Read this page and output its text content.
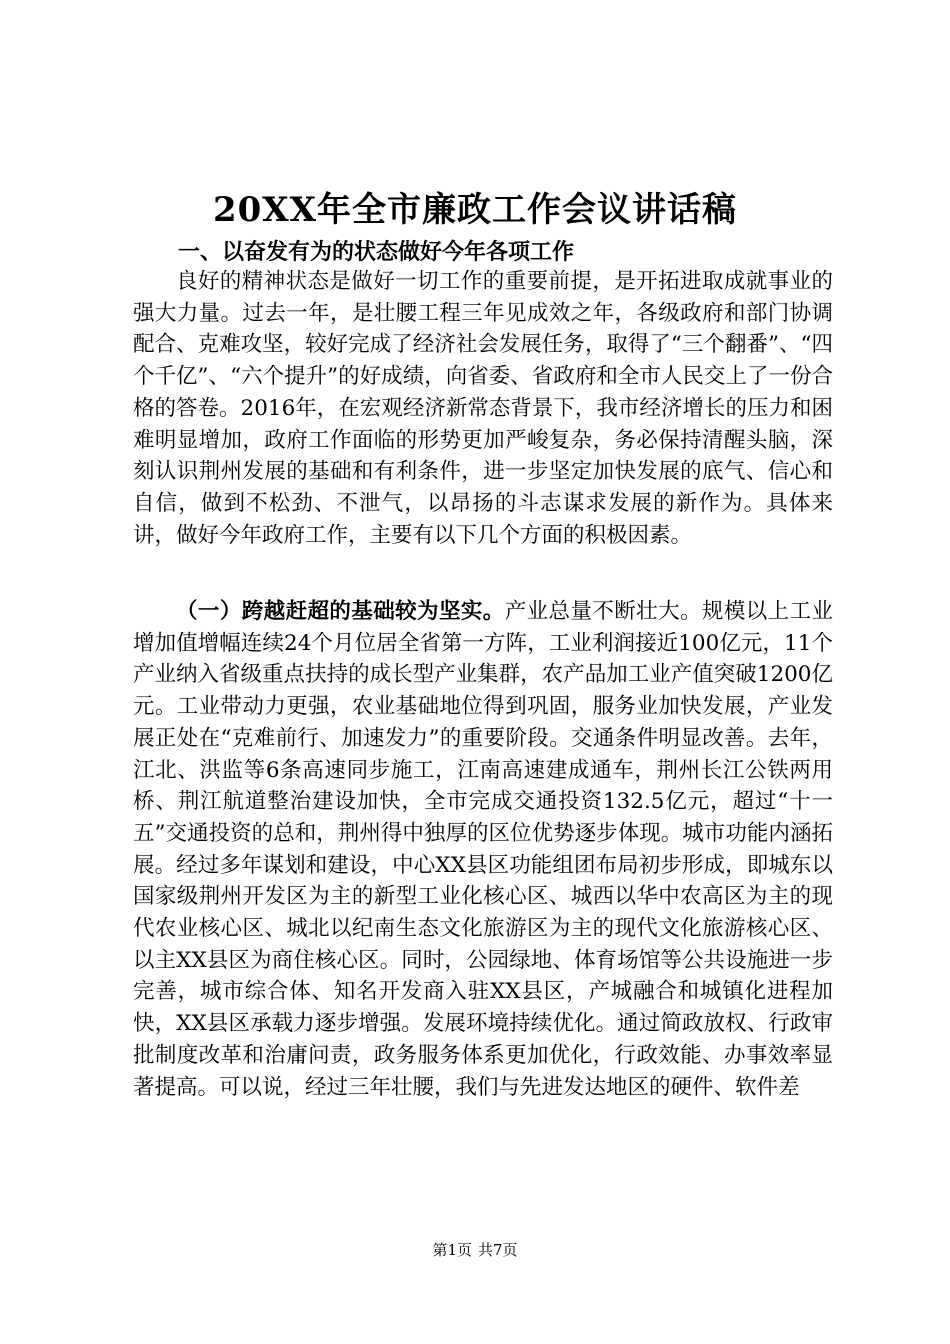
20XX年全市廉政工作会议讲话稿
一、以奋发有为的状态做好今年各项工作

良好的精神状态是做好一切工作的重要前提，是开拓进取成就事业的强大力量。过去一年，是壮腰工程三年见成效之年，各级政府和部门协调配合、克难攻坚，较好完成了经济社会发展任务，取得了“三个翻番”、“四个千亿”、“六个提升”的好成绩，向省委、省政府和全市人民交上了一份合格的答卷。2016年，在宏观经济新常态背景下，我市经济增长的压力和困难明显增加，政府工作面临的形势更加严峻复杂，务必保持清醒头脑，深刻认识荆州发展的基础和有利条件，进一步坚定加快发展的底气、信心和自信，做到不松劲、不泄气，以昂扬的斗志谋求发展的新作为。具体来讲，做好今年政府工作，主要有以下几个方面的积极因素。

（一）跨越赶超的基础较为坚实。产业总量不断壮大。规模以上工业增加值增幅连续24个月位居全省第一方阵，工业利润接近100亿元，11个产业纳入省级重点扶持的成长型产业集群，农产品加工业产值突破1200亿元。工业带动力更强，农业基础地位得到巩固，服务业加快发展，产业发展正处在“克难前行、加速发力”的重要阶段。交通条件明显改善。去年，江北、洪监等6条高速同步施工，江南高速建成通车，荆州长江公铁两用桥、荆江航道整治建设加快，全市完成交通投资132.5亿元，超过“十一五”交通投资的总和，荆州得中独厚的区位优势逐步体现。城市功能内涵拓展。经过多年谋划和建设，中心XX县区功能组团布局初步形成，即城东以国家级荆州开发区为主的新型工业化核心区、城西以华中农高区为主的现代农业核心区、城北以纪南生态文化旅游区为主的现代文化旅游核心区、以主XX县区为商住核心区。同时，公园绿地、体育场馆等公共设施进一步完善，城市综合体、知名开发商入驻XX县区，产城融合和城镇化进程加快，XX县区承载力逐步增强。发展环境持续优化。通过简政放权、行政审批制度改革和治庸问责，政务服务体系更加优化，行政效能、办事效率显著提高。可以说，经过三年壮腰，我们与先进发达地区的硬件、软件差

第1页 共7页
